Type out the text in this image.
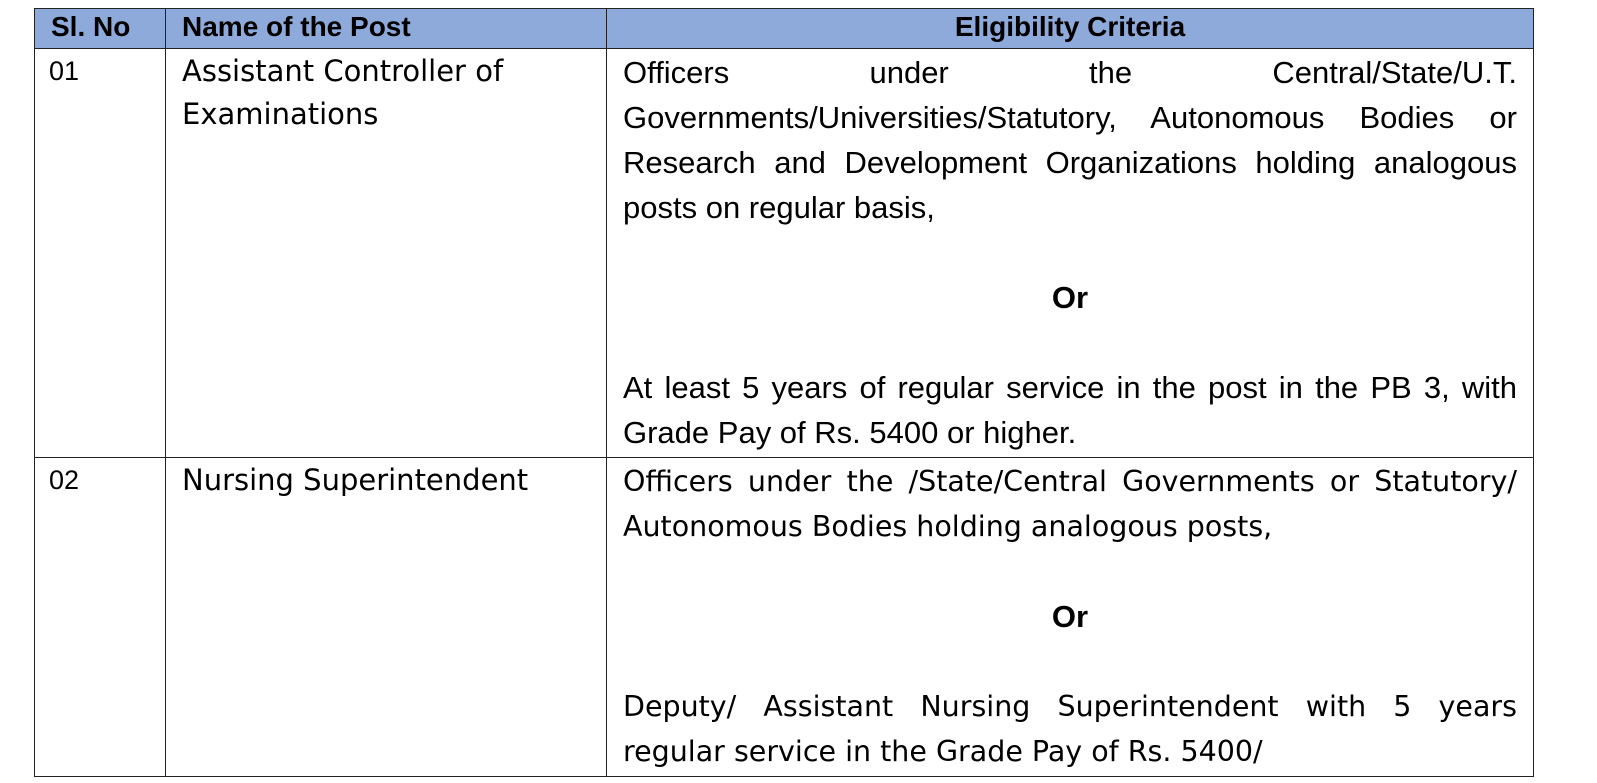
Sl. No	Name of the Post	Eligibility Criteria
01	Assistant Controller of Examinations	Officers under the Central/State/U.T. Governments/Universities/Statutory, Autonomous Bodies or Research and Development Organizations holding analogous posts on regular basis,

Or

At least 5 years of regular service in the post in the PB 3, with Grade Pay of Rs. 5400 or higher.

02	Nursing Superintendent	Officers under the /State/Central Governments or Statutory/ Autonomous Bodies holding analogous posts,

Or

Deputy/ Assistant Nursing Superintendent with 5 years regular service in the Grade Pay of Rs. 5400/
